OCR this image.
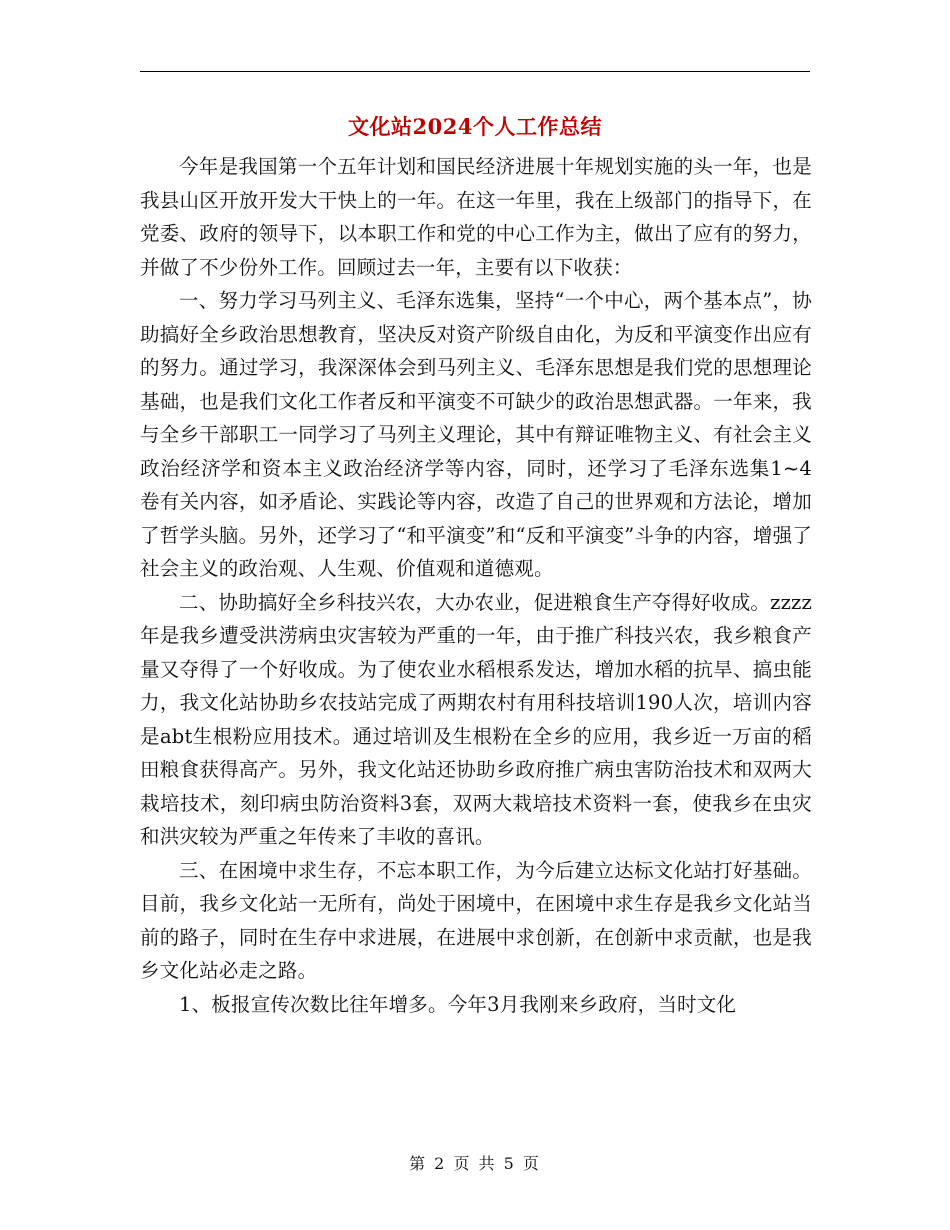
文化站2024个人工作总结

今年是我国第一个五年计划和国民经济进展十年规划实施的头一年，也是我县山区开放开发大干快上的一年。在这一年里，我在上级部门的指导下，在党委、政府的领导下，以本职工作和党的中心工作为主，做出了应有的努力，并做了不少份外工作。回顾过去一年，主要有以下收获：

一、努力学习马列主义、毛泽东选集，坚持“一个中心，两个基本点”，协助搞好全乡政治思想教育，坚决反对资产阶级自由化，为反和平演变作出应有的努力。通过学习，我深深体会到马列主义、毛泽东思想是我们党的思想理论基础，也是我们文化工作者反和平演变不可缺少的政治思想武器。一年来，我与全乡干部职工一同学习了马列主义理论，其中有辩证唯物主义、有社会主义政治经济学和资本主义政治经济学等内容，同时，还学习了毛泽东选集1~4卷有关内容，如矛盾论、实践论等内容，改造了自己的世界观和方法论，增加了哲学头脑。另外，还学习了“和平演变”和“反和平演变”斗争的内容，增强了社会主义的政治观、人生观、价值观和道德观。

二、协助搞好全乡科技兴农，大办农业，促进粮食生产夺得好收成。zzzz年是我乡遭受洪涝病虫灾害较为严重的一年，由于推广科技兴农，我乡粮食产量又夺得了一个好收成。为了使农业水稻根系发达，增加水稻的抗旱、搞虫能力，我文化站协助乡农技站完成了两期农村有用科技培训190人次，培训内容是abt生根粉应用技术。通过培训及生根粉在全乡的应用，我乡近一万亩的稻田粮食获得高产。另外，我文化站还协助乡政府推广病虫害防治技术和双两大栽培技术，刻印病虫防治资料3套，双两大栽培技术资料一套，使我乡在虫灾和洪灾较为严重之年传来了丰收的喜讯。

三、在困境中求生存，不忘本职工作，为今后建立达标文化站打好基础。目前，我乡文化站一无所有，尚处于困境中，在困境中求生存是我乡文化站当前的路子，同时在生存中求进展，在进展中求创新，在创新中求贡献，也是我乡文化站必走之路。

1、板报宣传次数比往年增多。今年3月我刚来乡政府，当时文化

第 2 页 共 5 页
